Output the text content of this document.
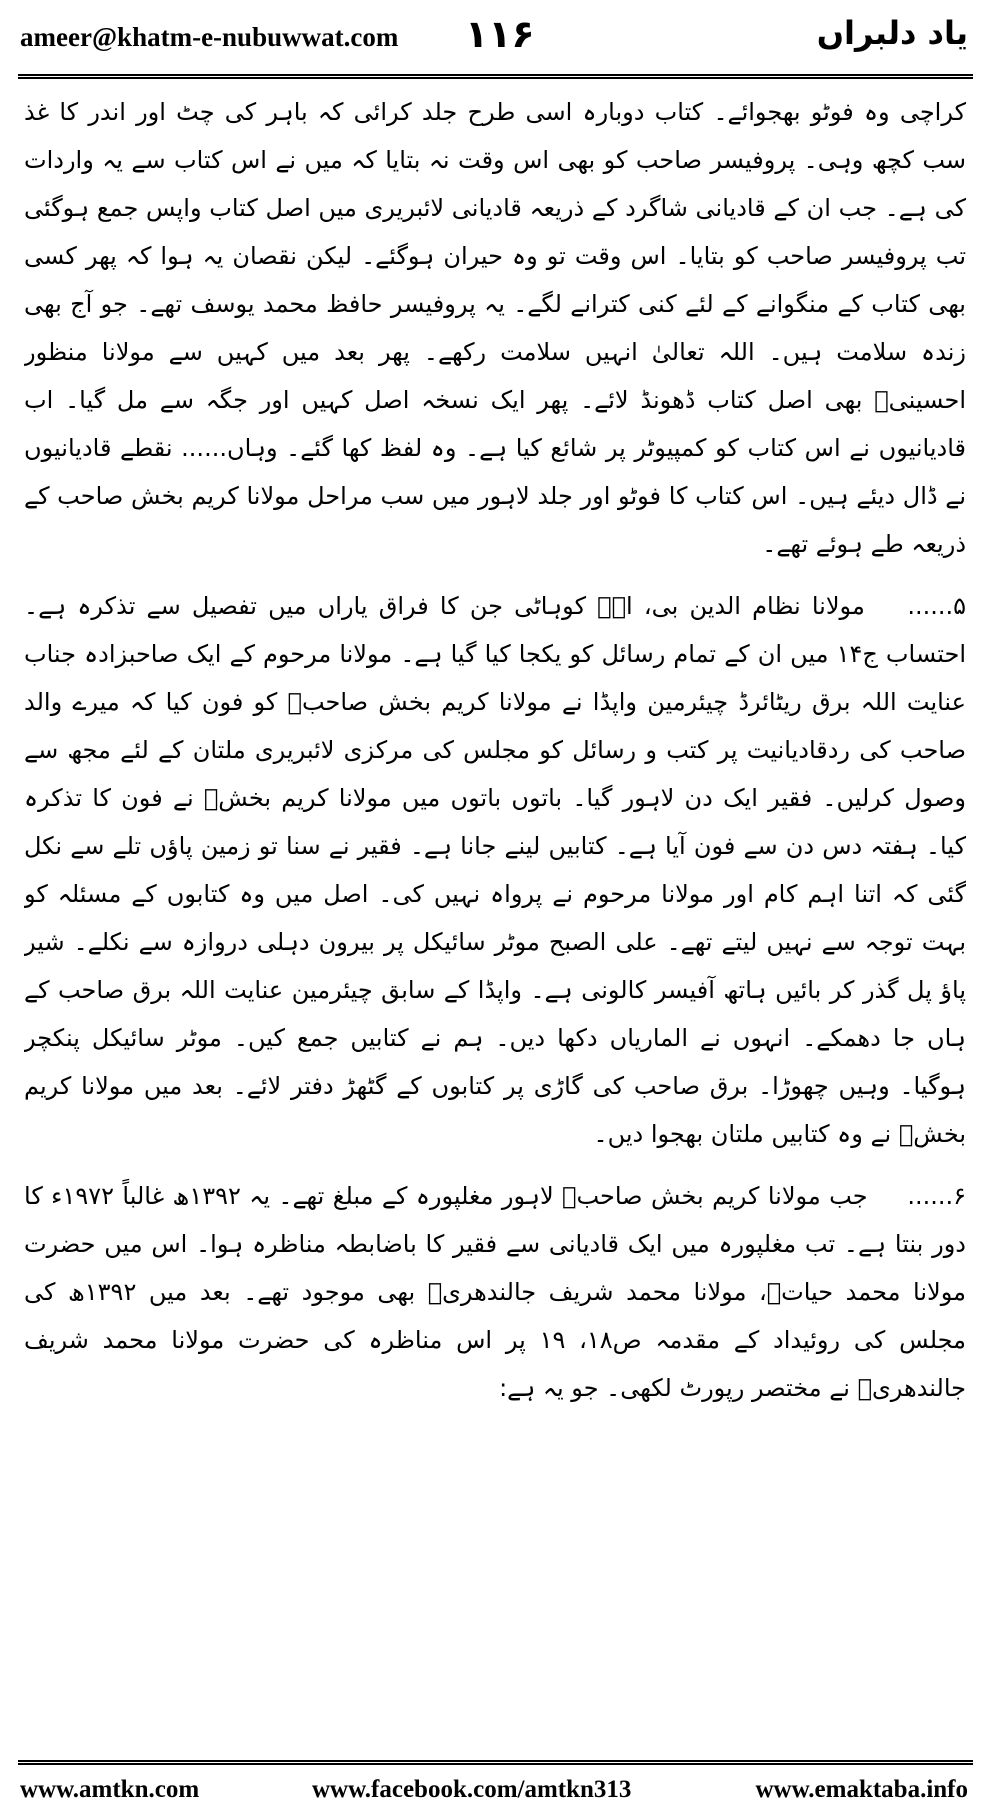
ameer@khatm-e-nubuwwat.com ۱۱۶	یاد دلبراں

کراچی وہ فوٹو بھجوائے۔ کتاب دوبارہ اسی طرح جلد کرائی کہ باہر کی چٹ اور اندر کا غذ سب کچھ وہی۔ پروفیسر صاحب کو بھی اس وقت نہ بتایا کہ میں نے اس کتاب سے یہ واردات کی ہے۔ جب ان کے قادیانی شاگرد کے ذریعہ قادیانی لائبریری میں اصل کتاب واپس جمع ہوگئی تب پروفیسر صاحب کو بتایا۔ اس وقت تو وہ حیران ہوگئے۔ لیکن نقصان یہ ہوا کہ پھر کسی بھی کتاب کے منگوانے کے لئے کنی کترانے لگے۔ یہ پروفیسر حافظ محمد یوسف تھے۔ جو آج بھی زندہ سلامت ہیں۔ اللہ تعالیٰ انہیں سلامت رکھے۔ پھر بعد میں کہیں سے مولانا منظور احسینیؒ بھی اصل کتاب ڈھونڈ لائے۔ پھر ایک نسخہ اصل کہیں اور جگہ سے مل گیا۔ اب قادیانیوں نے اس کتاب کو کمپیوٹر پر شائع کیا ہے۔ وہ لفظ کھا گئے۔ وہاں...... نقطے قادیانیوں نے ڈال دیئے ہیں۔ اس کتاب کا فوٹو اور جلد لاہور میں سب مراحل مولانا کریم بخش صاحب کے ذریعہ طے ہوئے تھے۔

۵...... مولانا نظام الدین بی، اےؒ کوہاٹی جن کا فراق یاراں میں تفصیل سے تذکرہ ہے۔ احتساب ج۱۴ میں ان کے تمام رسائل کو یکجا کیا گیا ہے۔ مولانا مرحوم کے ایک صاحبزادہ جناب عنایت اللہ برق ریٹائرڈ چیئرمین واپڈا نے مولانا کریم بخش صاحبؒ کو فون کیا کہ میرے والد صاحب کی ردقادیانیت پر کتب و رسائل کو مجلس کی مرکزی لائبریری ملتان کے لئے مجھ سے وصول کرلیں۔ فقیر ایک دن لاہور گیا۔ باتوں باتوں میں مولانا کریم بخشؒ نے فون کا تذکرہ کیا۔ ہفتہ دس دن سے فون آیا ہے۔ کتابیں لینے جانا ہے۔ فقیر نے سنا تو زمین پاؤں تلے سے نکل گئی کہ اتنا اہم کام اور مولانا مرحوم نے پرواہ نہیں کی۔ اصل میں وہ کتابوں کے مسئلہ کو بہت توجہ سے نہیں لیتے تھے۔ علی الصبح موٹر سائیکل پر بیرون دہلی دروازہ سے نکلے۔ شیر پاؤ پل گذر کر بائیں ہاتھ آفیسر کالونی ہے۔ واپڈا کے سابق چیئرمین عنایت اللہ برق صاحب کے ہاں جا دھمکے۔ انہوں نے الماریاں دکھا دیں۔ ہم نے کتابیں جمع کیں۔ موٹر سائیکل پنکچر ہوگیا۔ وہیں چھوڑا۔ برق صاحب کی گاڑی پر کتابوں کے گٹھڑ دفتر لائے۔ بعد میں مولانا کریم بخشؒ نے وہ کتابیں ملتان بھجوا دیں۔

۶...... جب مولانا کریم بخش صاحبؒ لاہور مغلپورہ کے مبلغ تھے۔ یہ ۱۳۹۲ھ غالباً ۱۹۷۲ء کا دور بنتا ہے۔ تب مغلپورہ میں ایک قادیانی سے فقیر کا باضابطہ مناظرہ ہوا۔ اس میں حضرت مولانا محمد حیاتؒ، مولانا محمد شریف جالندھریؒ بھی موجود تھے۔ بعد میں ۱۳۹۲ھ کی مجلس کی روئیداد کے مقدمہ ص۱۸، ۱۹ پر اس مناظرہ کی حضرت مولانا محمد شریف جالندھریؒ نے مختصر رپورٹ لکھی۔ جو یہ ہے:

www.amtkn.com	www.facebook.com/amtkn313	www.emaktaba.info
